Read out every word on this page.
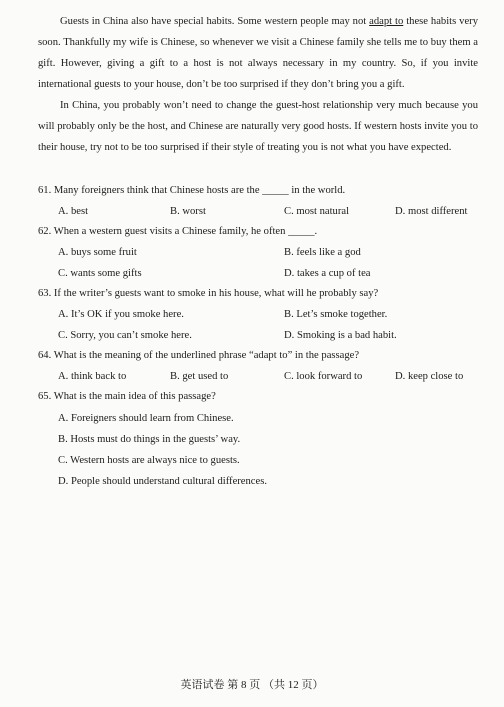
Guests in China also have special habits. Some western people may not adapt to these habits very soon. Thankfully my wife is Chinese, so whenever we visit a Chinese family she tells me to buy them a gift. However, giving a gift to a host is not always necessary in my country. So, if you invite international guests to your house, don’t be too surprised if they don’t bring you a gift.

In China, you probably won’t need to change the guest-host relationship very much because you will probably only be the host, and Chinese are naturally very good hosts. If western hosts invite you to their house, try not to be too surprised if their style of treating you is not what you have expected.

61. Many foreigners think that Chinese hosts are the _____ in the world.
A. best	B. worst	C. most natural	D. most different
62. When a western guest visits a Chinese family, he often _____.
A. buys some fruit	B. feels like a god
C. wants some gifts	D. takes a cup of tea
63. If the writer’s guests want to smoke in his house, what will he probably say?
A. It’s OK if you smoke here.	B. Let’s smoke together.
C. Sorry, you can’t smoke here.	D. Smoking is a bad habit.
64. What is the meaning of the underlined phrase “adapt to” in the passage?
A. think back to	B. get used to	C. look forward to	D. keep close to
65. What is the main idea of this passage?
A. Foreigners should learn from Chinese.
B. Hosts must do things in the guests’ way.
C. Western hosts are always nice to guests.
D. People should understand cultural differences.
英语试卷 第 8 页 （共 12 页）
